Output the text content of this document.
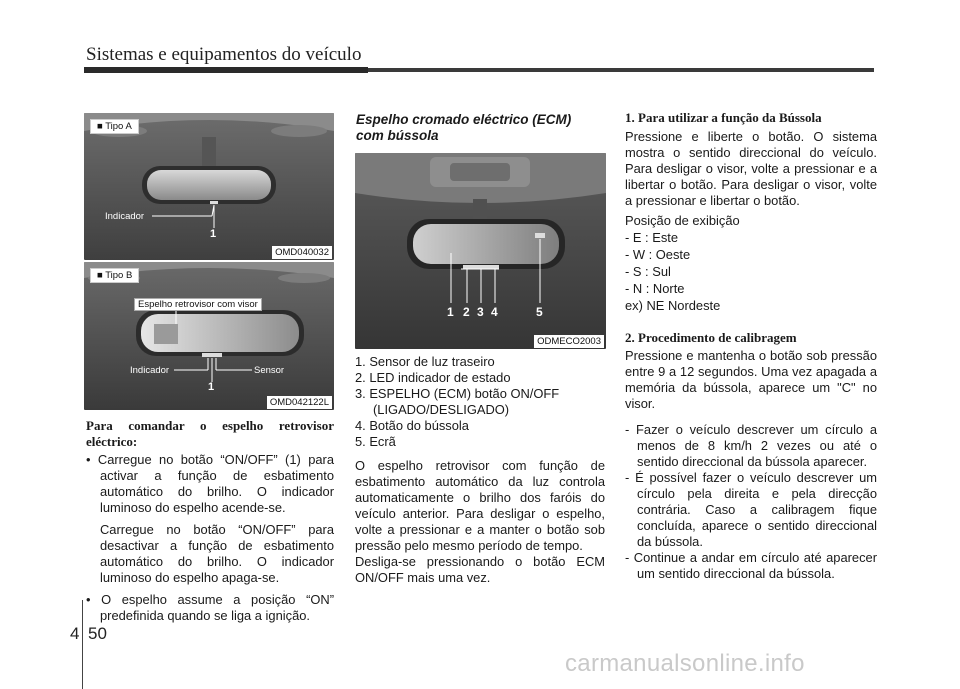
Sistemas e equipamentos do veículo
■ Tipo A
Indicador
1
OMD040032
■ Tipo B
Espelho retrovisor com visor
Indicador	Sensor
1
OMD042122L
1 2 3 4	5
ODMECO2003

Para comandar o espelho retrovisor eléctrico:

• Carregue no botão “ON/OFF” (1) para activar a função de esbatimento automático do brilho. O indicador luminoso do espelho acende-se.

Carregue no botão “ON/OFF” para desactivar a função de esbatimento automático do brilho. O indicador luminoso do espelho apaga-se.

• O espelho assume a posição “ON” predefinida quando se liga a ignição.

Espelho cromado eléctrico (ECM) com bússola

1. Sensor de luz traseiro

2. LED indicador de estado

3. ESPELHO (ECM) botão ON/OFF

(LIGADO/DESLIGADO)

4. Botão do bússola

5. Ecrã

O espelho retrovisor com função de esbatimento automático da luz controla automaticamente o brilho dos faróis do veículo anterior. Para desligar o espelho, volte a pressionar e a manter o botão sob pressão pelo mesmo período de tempo.

Desliga-se pressionando o botão ECM ON/OFF mais uma vez.

1. Para utilizar a função da Bússola

Pressione e liberte o botão. O sistema mostra o sentido direccional do veículo. Para desligar o visor, volte a pressionar e a libertar o botão. Para desligar o visor, volte a pressionar e libertar o botão.

Posição de exibição

- E : Este

- W : Oeste

- S : Sul

- N : Norte

ex) NE Nordeste

2. Procedimento de calibragem

Pressione e mantenha o botão sob pressão entre 9 a 12 segundos. Uma vez apagada a memória da bússola, aparece um "C" no visor.

- Fazer o veículo descrever um círculo a menos de 8 km/h 2 vezes ou até o sentido direccional da bússola aparecer.

- É possível fazer o veículo descrever um círculo pela direita e pela direcção contrária. Caso a calibragem fique concluída, aparece o sentido direccional da bússola.

- Continue a andar em círculo até aparecer um sentido direccional da bússola.

4 50
carmanualsonline.info
